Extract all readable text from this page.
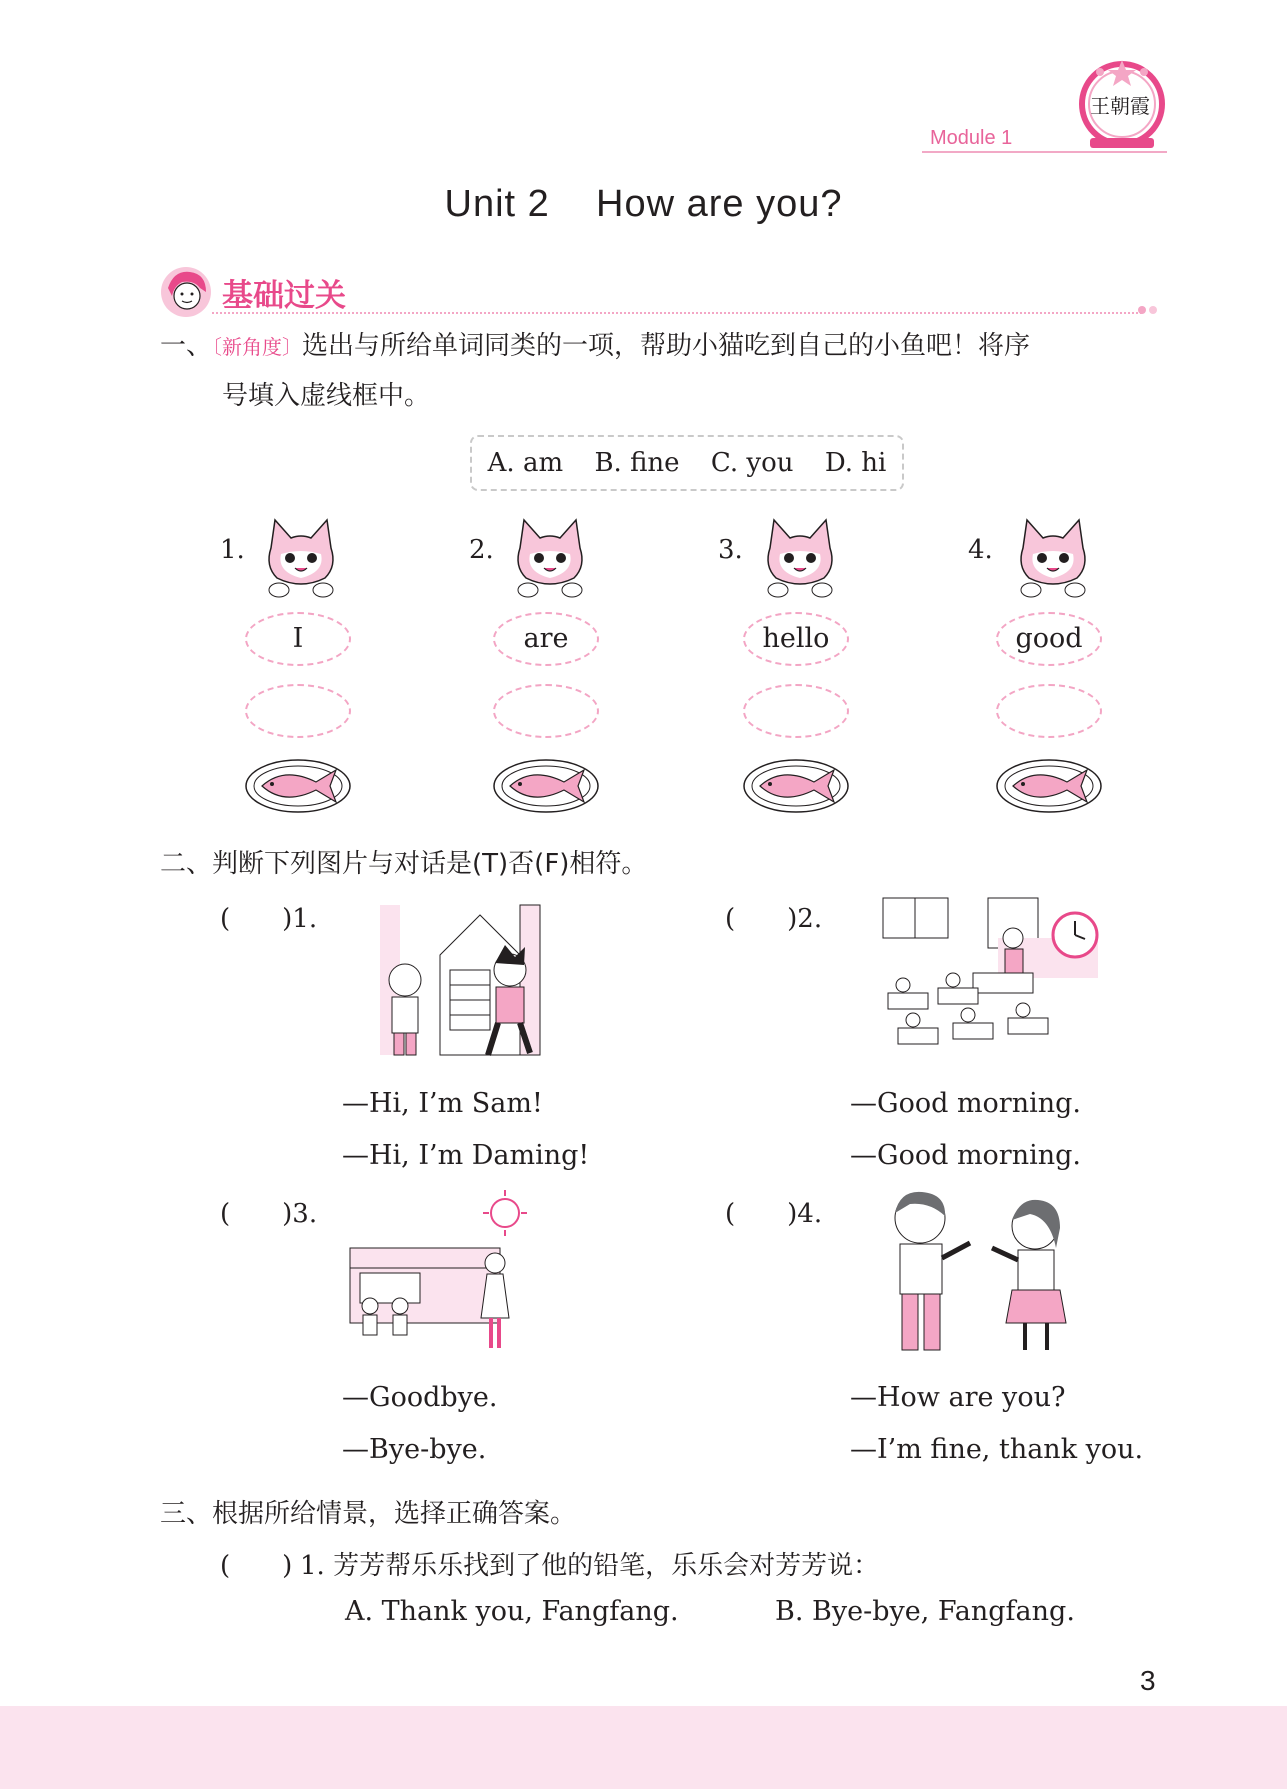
王朝霞
Module 1
Unit 2    How are you?
基础过关
一、〔新角度〕选出与所给单词同类的一项，帮助小猫吃到自己的小鱼吧！将序
号填入虚线框中。
A. am B. fine C. you D. hi
1.
I
2.
are
3.
hello
4.
good
二、判断下列图片与对话是(T)否(F)相符。
(　　)1.
—Hi, I’m Sam!
—Hi, I’m Daming!
(　　)2.
—Good morning.
—Good morning.
(　　)3.
—Goodbye.
—Bye-bye.
(　　)4.
—How are you?
—I’m fine, thank you.
三、根据所给情景，选择正确答案。
(　　) 1. 芳芳帮乐乐找到了他的铅笔，乐乐会对芳芳说：
A. Thank you, Fangfang.	B. Bye-bye, Fangfang.
3
